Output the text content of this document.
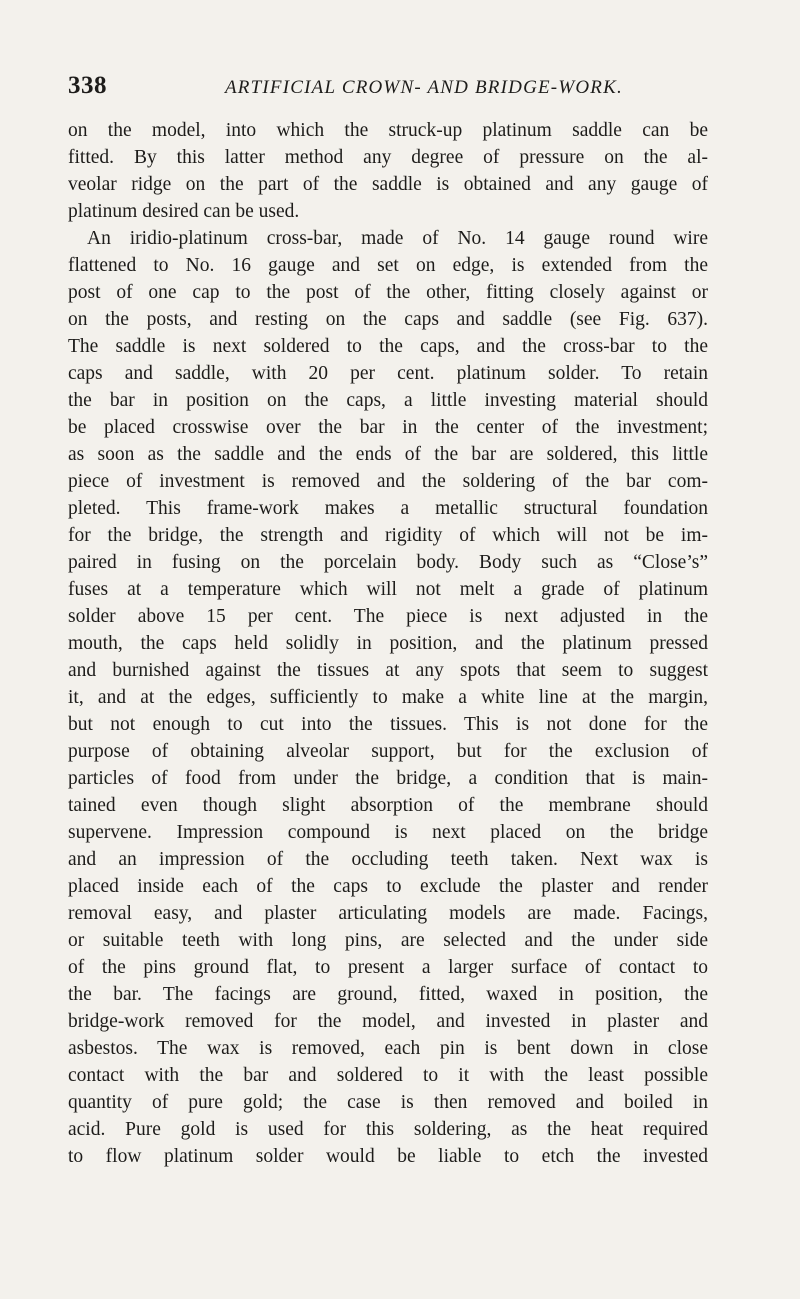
338	ARTIFICIAL CROWN- AND BRIDGE-WORK.
on the model, into which the struck-up platinum saddle can be
fitted. By this latter method any degree of pressure on the al-
veolar ridge on the part of the saddle is obtained and any gauge of
platinum desired can be used.
An iridio-platinum cross-bar, made of No. 14 gauge round wire
flattened to No. 16 gauge and set on edge, is extended from the
post of one cap to the post of the other, fitting closely against or
on the posts, and resting on the caps and saddle (see Fig. 637).
The saddle is next soldered to the caps, and the cross-bar to the
caps and saddle, with 20 per cent. platinum solder. To retain
the bar in position on the caps, a little investing material should
be placed crosswise over the bar in the center of the investment;
as soon as the saddle and the ends of the bar are soldered, this little
piece of investment is removed and the soldering of the bar com-
pleted. This frame-work makes a metallic structural foundation
for the bridge, the strength and rigidity of which will not be im-
paired in fusing on the porcelain body. Body such as “Close’s”
fuses at a temperature which will not melt a grade of platinum
solder above 15 per cent. The piece is next adjusted in the
mouth, the caps held solidly in position, and the platinum pressed
and burnished against the tissues at any spots that seem to suggest
it, and at the edges, sufficiently to make a white line at the margin,
but not enough to cut into the tissues. This is not done for the
purpose of obtaining alveolar support, but for the exclusion of
particles of food from under the bridge, a condition that is main-
tained even though slight absorption of the membrane should
supervene. Impression compound is next placed on the bridge
and an impression of the occluding teeth taken. Next wax is
placed inside each of the caps to exclude the plaster and render
removal easy, and plaster articulating models are made. Facings,
or suitable teeth with long pins, are selected and the under side
of the pins ground flat, to present a larger surface of contact to
the bar. The facings are ground, fitted, waxed in position, the
bridge-work removed for the model, and invested in plaster and
asbestos. The wax is removed, each pin is bent down in close
contact with the bar and soldered to it with the least possible
quantity of pure gold; the case is then removed and boiled in
acid. Pure gold is used for this soldering, as the heat required
to flow platinum solder would be liable to etch the invested
